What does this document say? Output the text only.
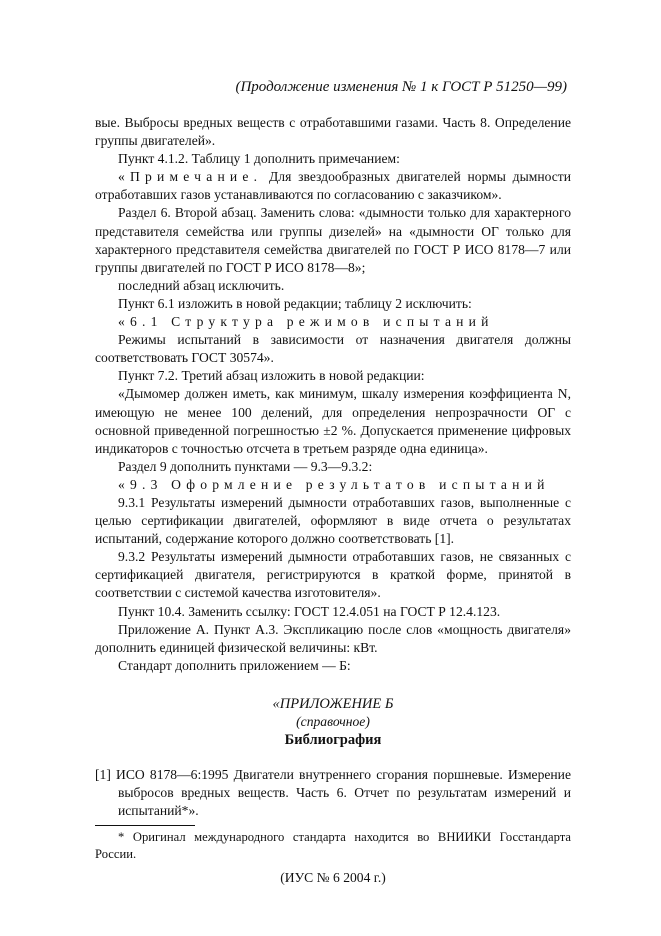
(Продолжение изменения № 1 к ГОСТ Р 51250—99)

вые. Выбросы вредных веществ с отработавшими газами. Часть 8. Определение группы двигателей».

Пункт 4.1.2. Таблицу 1 дополнить примечанием:

«Примечание. Для звездообразных двигателей нормы дымности отработавших газов устанавливаются по согласованию с заказчиком».

Раздел 6. Второй абзац. Заменить слова: «дымности только для характерного представителя семейства или группы дизелей» на «дымности ОГ только для характерного представителя семейства двигателей по ГОСТ Р ИСО 8178—7 или группы двигателей по ГОСТ Р ИСО 8178—8»;

последний абзац исключить.

Пункт 6.1 изложить в новой редакции; таблицу 2 исключить:

«6.1 Структура режимов испытаний

Режимы испытаний в зависимости от назначения двигателя должны соответствовать ГОСТ 30574».

Пункт 7.2. Третий абзац изложить в новой редакции:

«Дымомер должен иметь, как минимум, шкалу измерения коэффициента N, имеющую не менее 100 делений, для определения непрозрачности ОГ с основной приведенной погрешностью ±2 %. Допускается применение цифровых индикаторов с точностью отсчета в третьем разряде одна единица».

Раздел 9 дополнить пунктами — 9.3—9.3.2:

«9.3 Оформление результатов испытаний

9.3.1 Результаты измерений дымности отработавших газов, выполненные с целью сертификации двигателей, оформляют в виде отчета о результатах испытаний, содержание которого должно соответствовать [1].

9.3.2 Результаты измерений дымности отработавших газов, не связанных с сертификацией двигателя, регистрируются в краткой форме, принятой в соответствии с системой качества изготовителя».

Пункт 10.4. Заменить ссылку: ГОСТ 12.4.051 на ГОСТ Р 12.4.123.

Приложение А. Пункт А.3. Экспликацию после слов «мощность двигателя» дополнить единицей физической величины: кВт.

Стандарт дополнить приложением — Б:

«ПРИЛОЖЕНИЕ Б
(справочное)
Библиография

[1] ИСО 8178—6:1995 Двигатели внутреннего сгорания поршневые. Измерение выбросов вредных веществ. Часть 6. Отчет по результатам измерений и испытаний*».

* Оригинал международного стандарта находится во ВНИИКИ Госстандарта России.

(ИУС № 6 2004 г.)
